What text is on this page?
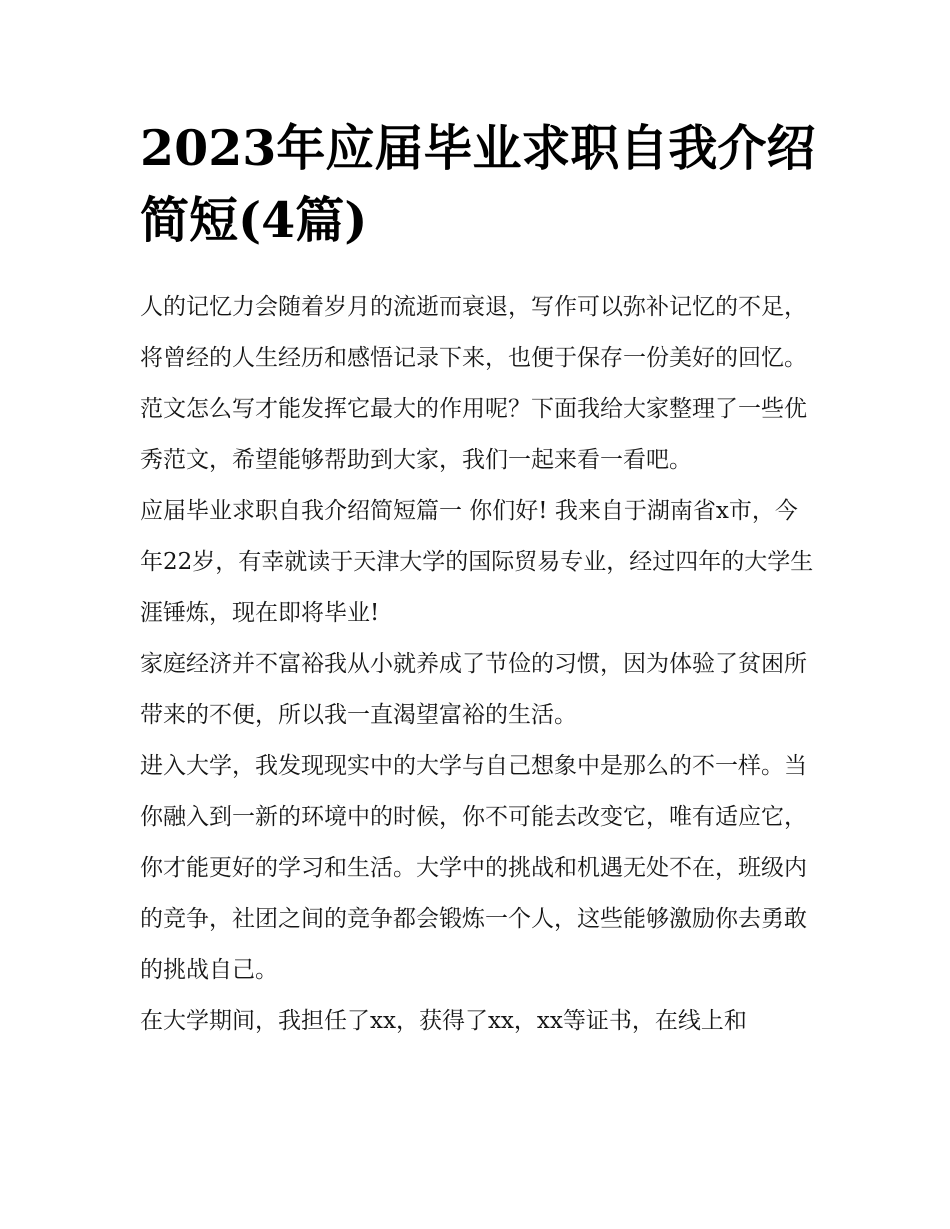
2023年应届毕业求职自我介绍简短(4篇)

人的记忆力会随着岁月的流逝而衰退，写作可以弥补记忆的不足，将曾经的人生经历和感悟记录下来，也便于保存一份美好的回忆。范文怎么写才能发挥它最大的作用呢？下面我给大家整理了一些优秀范文，希望能够帮助到大家，我们一起来看一看吧。

应届毕业求职自我介绍简短篇一 你们好! 我来自于湖南省x市，今年22岁，有幸就读于天津大学的国际贸易专业，经过四年的大学生涯锤炼，现在即将毕业!

家庭经济并不富裕我从小就养成了节俭的习惯，因为体验了贫困所带来的不便，所以我一直渴望富裕的生活。

进入大学，我发现现实中的大学与自己想象中是那么的不一样。当你融入到一新的环境中的时候，你不可能去改变它，唯有适应它，你才能更好的学习和生活。大学中的挑战和机遇无处不在，班级内的竞争，社团之间的竞争都会锻炼一个人，这些能够激励你去勇敢的挑战自己。

在大学期间，我担任了xx，获得了xx，xx等证书，在线上和
